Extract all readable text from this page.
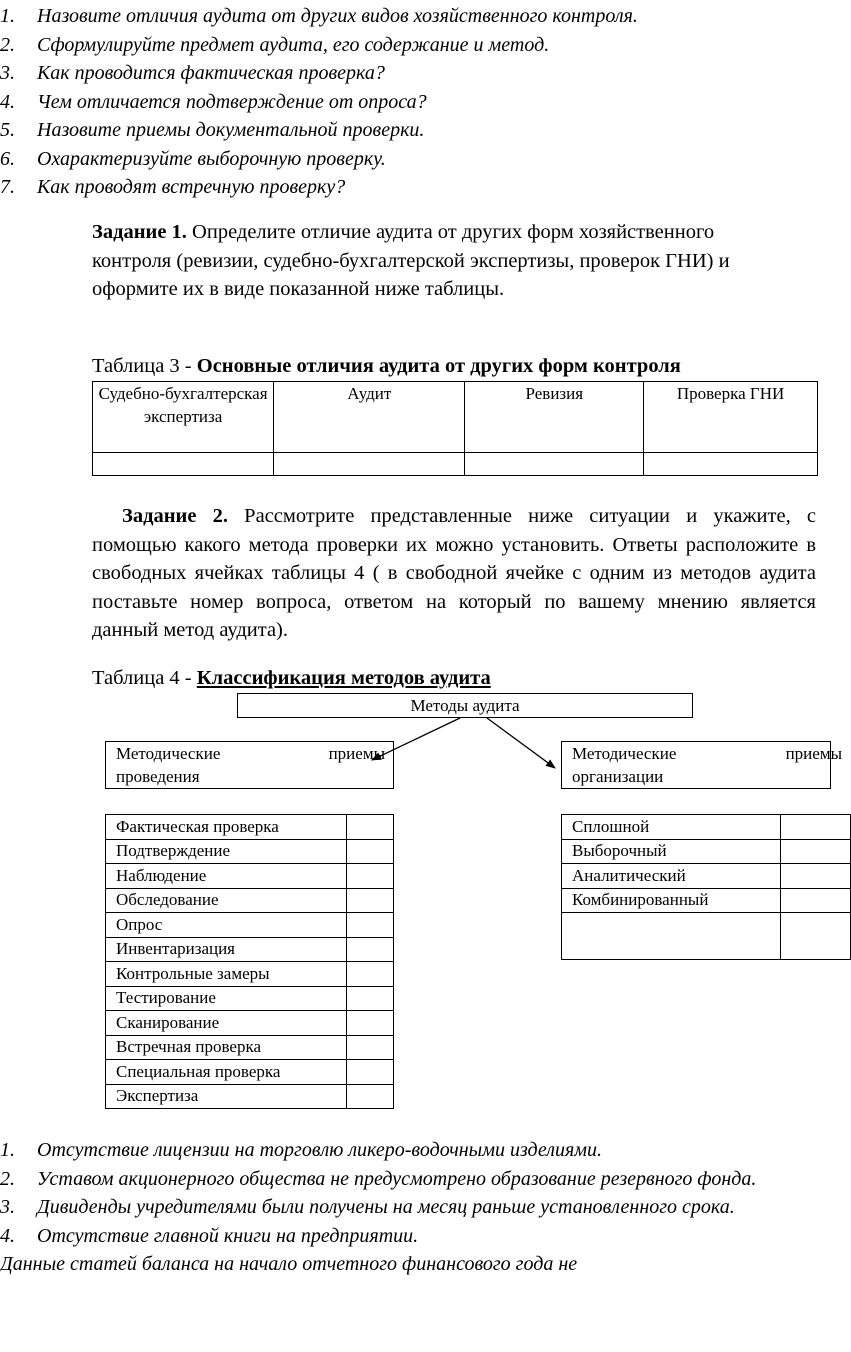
1.	Назовите отличия аудита от других видов хозяйственного контроля.
2.	Сформулируйте предмет аудита, его содержание и метод.
3.	Как проводится фактическая проверка?
4.	Чем отличается подтверждение от опроса?
5.	Назовите приемы документальной проверки.
6.	Охарактеризуйте выборочную проверку.
7.	Как проводят встречную проверку?
Задание 1. Определите отличие аудита от других форм хозяйственного контроля (ревизии, судебно-бухгалтерской экспертизы, проверок ГНИ) и оформите их в виде показанной ниже таблицы.
Таблица 3 - Основные отличия аудита от других форм контроля
Судебно-бухгалтерская экспертиза	Аудит	Ревизия	Проверка ГНИ

Задание 2. Рассмотрите представленные ниже ситуации и укажите, с помощью какого метода проверки их можно установить. Ответы расположите в свободных ячейках таблицы 4 ( в свободной ячейке с одним из методов аудита поставьте номер вопроса, ответом на который по вашему мнению является данный метод аудита).
Таблица 4 - Классификация методов аудита
Методы аудита
Методические	приемы
проведения
Методические	приемы
организации
Фактическая проверка	
Подтверждение	
Наблюдение	
Обследование	
Опрос	
Инвентаризация	
Контрольные замеры	
Тестирование	
Сканирование	
Встречная проверка	
Специальная проверка	
Экспертиза	
Сплошной	
Выборочный	
Аналитический	
Комбинированный	

1.	Отсутствие лицензии на торговлю ликеро-водочными изделиями.
2.	Уставом акционерного общества не предусмотрено образование резервного фонда.
3.	Дивиденды учредителями были получены на месяц раньше установленного срока.
4.	Отсутствие главной книги на предприятии.
Данные статей баланса на начало отчетного финансового года не
